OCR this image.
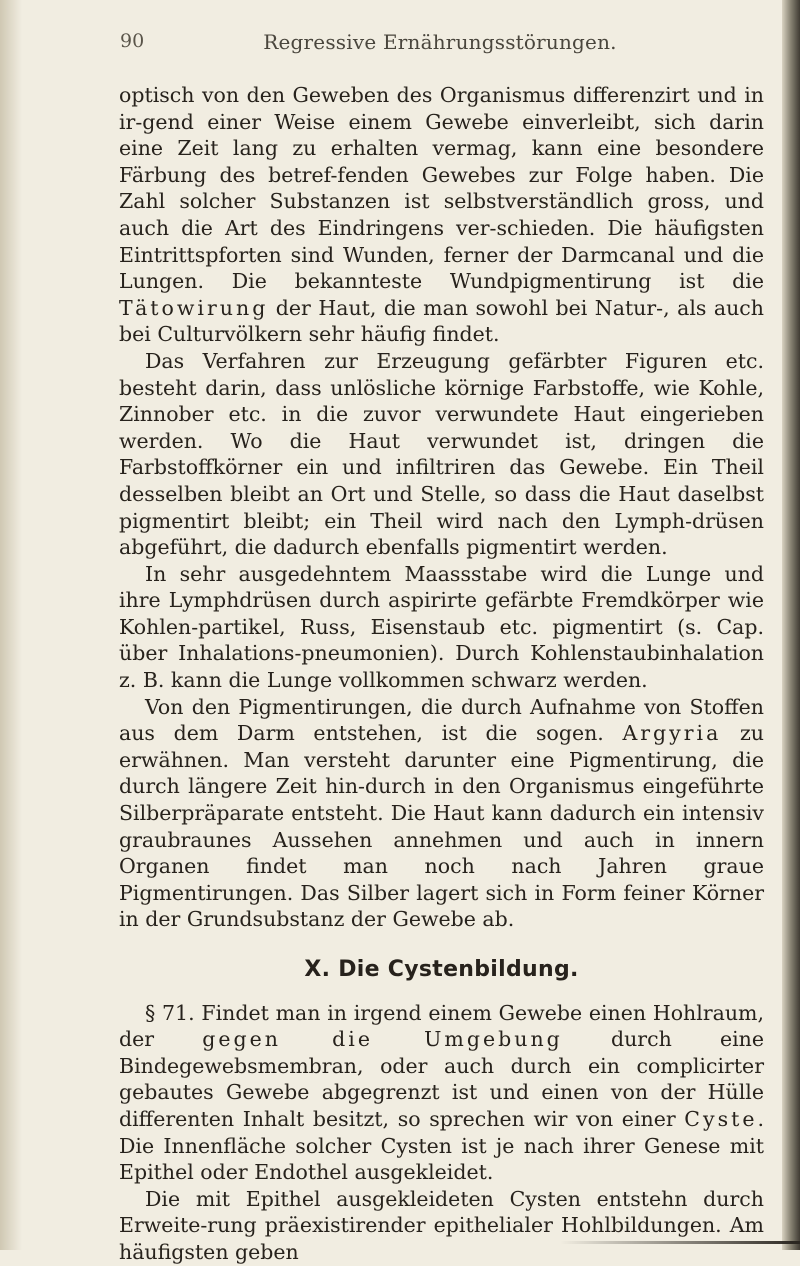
90	Regressive Ernährungsstörungen.

optisch von den Geweben des Organismus differenzirt und in ir-gend einer Weise einem Gewebe einverleibt, sich darin eine Zeit lang zu erhalten vermag, kann eine besondere Färbung des betref-fenden Gewebes zur Folge haben. Die Zahl solcher Substanzen ist selbstverständlich gross, und auch die Art des Eindringens ver-schieden. Die häufigsten Eintrittspforten sind Wunden, ferner der Darmcanal und die Lungen. Die bekannteste Wundpigmentirung ist die Tätowirung der Haut, die man sowohl bei Natur-, als auch bei Culturvölkern sehr häufig findet.

Das Verfahren zur Erzeugung gefärbter Figuren etc. besteht darin, dass unlösliche körnige Farbstoffe, wie Kohle, Zinnober etc. in die zuvor verwundete Haut eingerieben werden. Wo die Haut verwundet ist, dringen die Farbstoffkörner ein und infiltriren das Gewebe. Ein Theil desselben bleibt an Ort und Stelle, so dass die Haut daselbst pigmentirt bleibt; ein Theil wird nach den Lymph-drüsen abgeführt, die dadurch ebenfalls pigmentirt werden.

In sehr ausgedehntem Maassstabe wird die Lunge und ihre Lymphdrüsen durch aspirirte gefärbte Fremdkörper wie Kohlen-partikel, Russ, Eisenstaub etc. pigmentirt (s. Cap. über Inhalations-pneumonien). Durch Kohlenstaubinhalation z. B. kann die Lunge vollkommen schwarz werden.

Von den Pigmentirungen, die durch Aufnahme von Stoffen aus dem Darm entstehen, ist die sogen. Argyria zu erwähnen. Man versteht darunter eine Pigmentirung, die durch längere Zeit hin-durch in den Organismus eingeführte Silberpräparate entsteht. Die Haut kann dadurch ein intensiv graubraunes Aussehen annehmen und auch in innern Organen findet man noch nach Jahren graue Pigmentirungen. Das Silber lagert sich in Form feiner Körner in der Grundsubstanz der Gewebe ab.

X. Die Cystenbildung.

§ 71. Findet man in irgend einem Gewebe einen Hohlraum, der gegen die Umgebung durch eine Bindegewebsmembran, oder auch durch ein complicirter gebautes Gewebe abgegrenzt ist und einen von der Hülle differenten Inhalt besitzt, so sprechen wir von einer Cyste. Die Innenfläche solcher Cysten ist je nach ihrer Genese mit Epithel oder Endothel ausgekleidet.

Die mit Epithel ausgekleideten Cysten entstehn durch Erweite-rung präexistirender epithelialer Hohlbildungen. Am häufigsten geben
